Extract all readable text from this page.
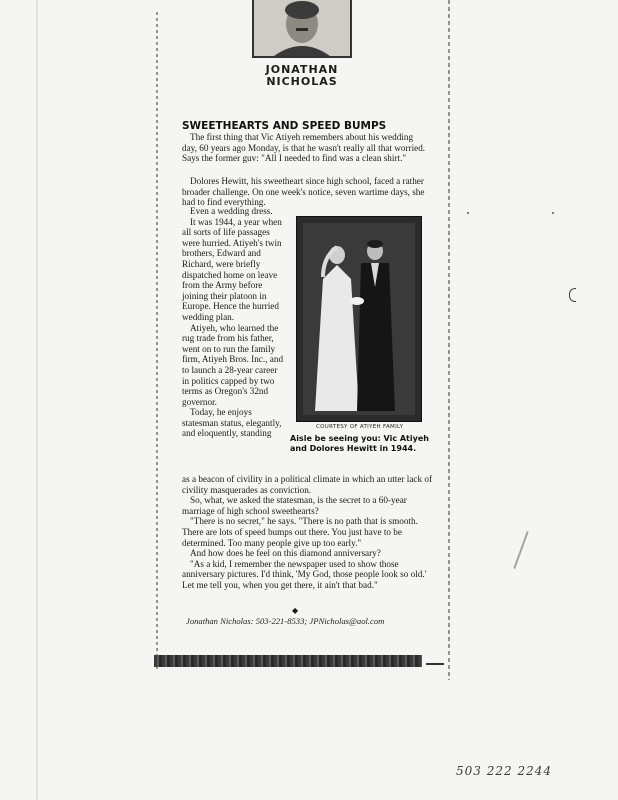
JONATHAN
NICHOLAS
SWEETHEARTS AND SPEED BUMPS
The first thing that Vic Atiyeh remembers about his wedding day, 60 years ago Monday, is that he wasn't really all that worried. Says the former guv: "All I needed to find was a clean shirt."
Dolores Hewitt, his sweetheart since high school, faced a rather broader challenge. On one week's notice, seven wartime days, she had to find everything.

Even a wedding dress.

It was 1944, a year when all sorts of life passages were hurried. Atiyeh's twin brothers, Edward and Richard, were briefly dispatched home on leave from the Army before joining their platoon in Europe. Hence the hurried wedding plan.

Atiyeh, who learned the rug trade from his father, went on to run the family firm, Atiyeh Bros. Inc., and to launch a 28-year career in politics capped by two terms as Oregon's 32nd governor.

Today, he enjoys statesman status, elegantly, and eloquently, standing

COURTESY OF ATIYEH FAMILY
Aisle be seeing you: Vic Atiyeh and Dolores Hewitt in 1944.

as a beacon of civility in a political climate in which an utter lack of civility masquerades as conviction.

So, what, we asked the statesman, is the secret to a 60-year marriage of high school sweethearts?

"There is no secret," he says. "There is no path that is smooth. There are lots of speed bumps out there. You just have to be determined. Too many people give up too early."

And how does he feel on this diamond anniversary?

"As a kid, I remember the newspaper used to show those anniversary pictures. I'd think, 'My God, those people look so old.' Let me tell you, when you get there, it ain't that bad."

◆
Jonathan Nicholas: 503-221-8533; JPNicholas@aol.com
503 222 2244
